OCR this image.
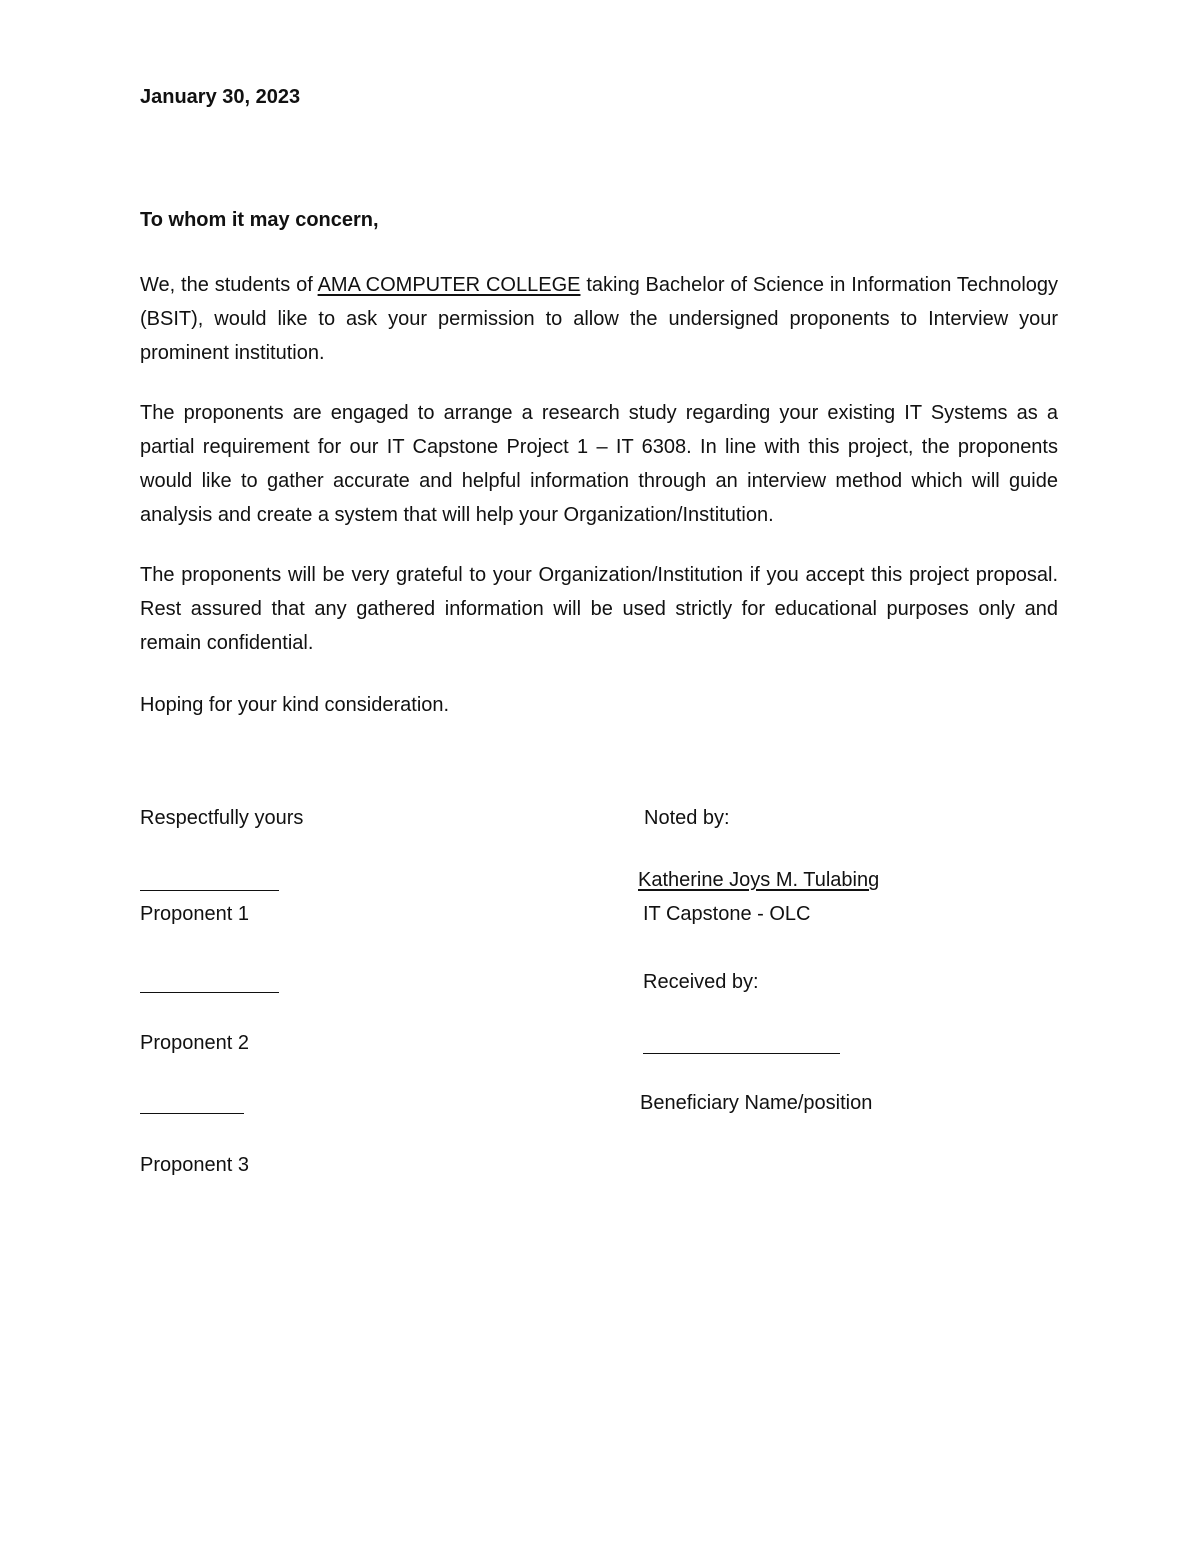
January 30, 2023
To whom it may concern,
We, the students of AMA COMPUTER COLLEGE taking Bachelor of Science in Information Technology (BSIT), would like to ask your permission to allow the undersigned proponents to Interview your prominent institution.
The proponents are engaged to arrange a research study regarding your existing IT Systems as a partial requirement for our IT Capstone Project 1 – IT 6308. In line with this project, the proponents would like to gather accurate and helpful information through an interview method which will guide analysis and create a system that will help your Organization/Institution.
The proponents will be very grateful to your Organization/Institution if you accept this project proposal. Rest assured that any gathered information will be used strictly for educational purposes only and remain confidential.
Hoping for your kind consideration.
Respectfully yours
Proponent 1
Proponent 2
Proponent 3
Noted by:
Katherine Joys M. Tulabing
IT Capstone - OLC
Received by:
Beneficiary Name/position
